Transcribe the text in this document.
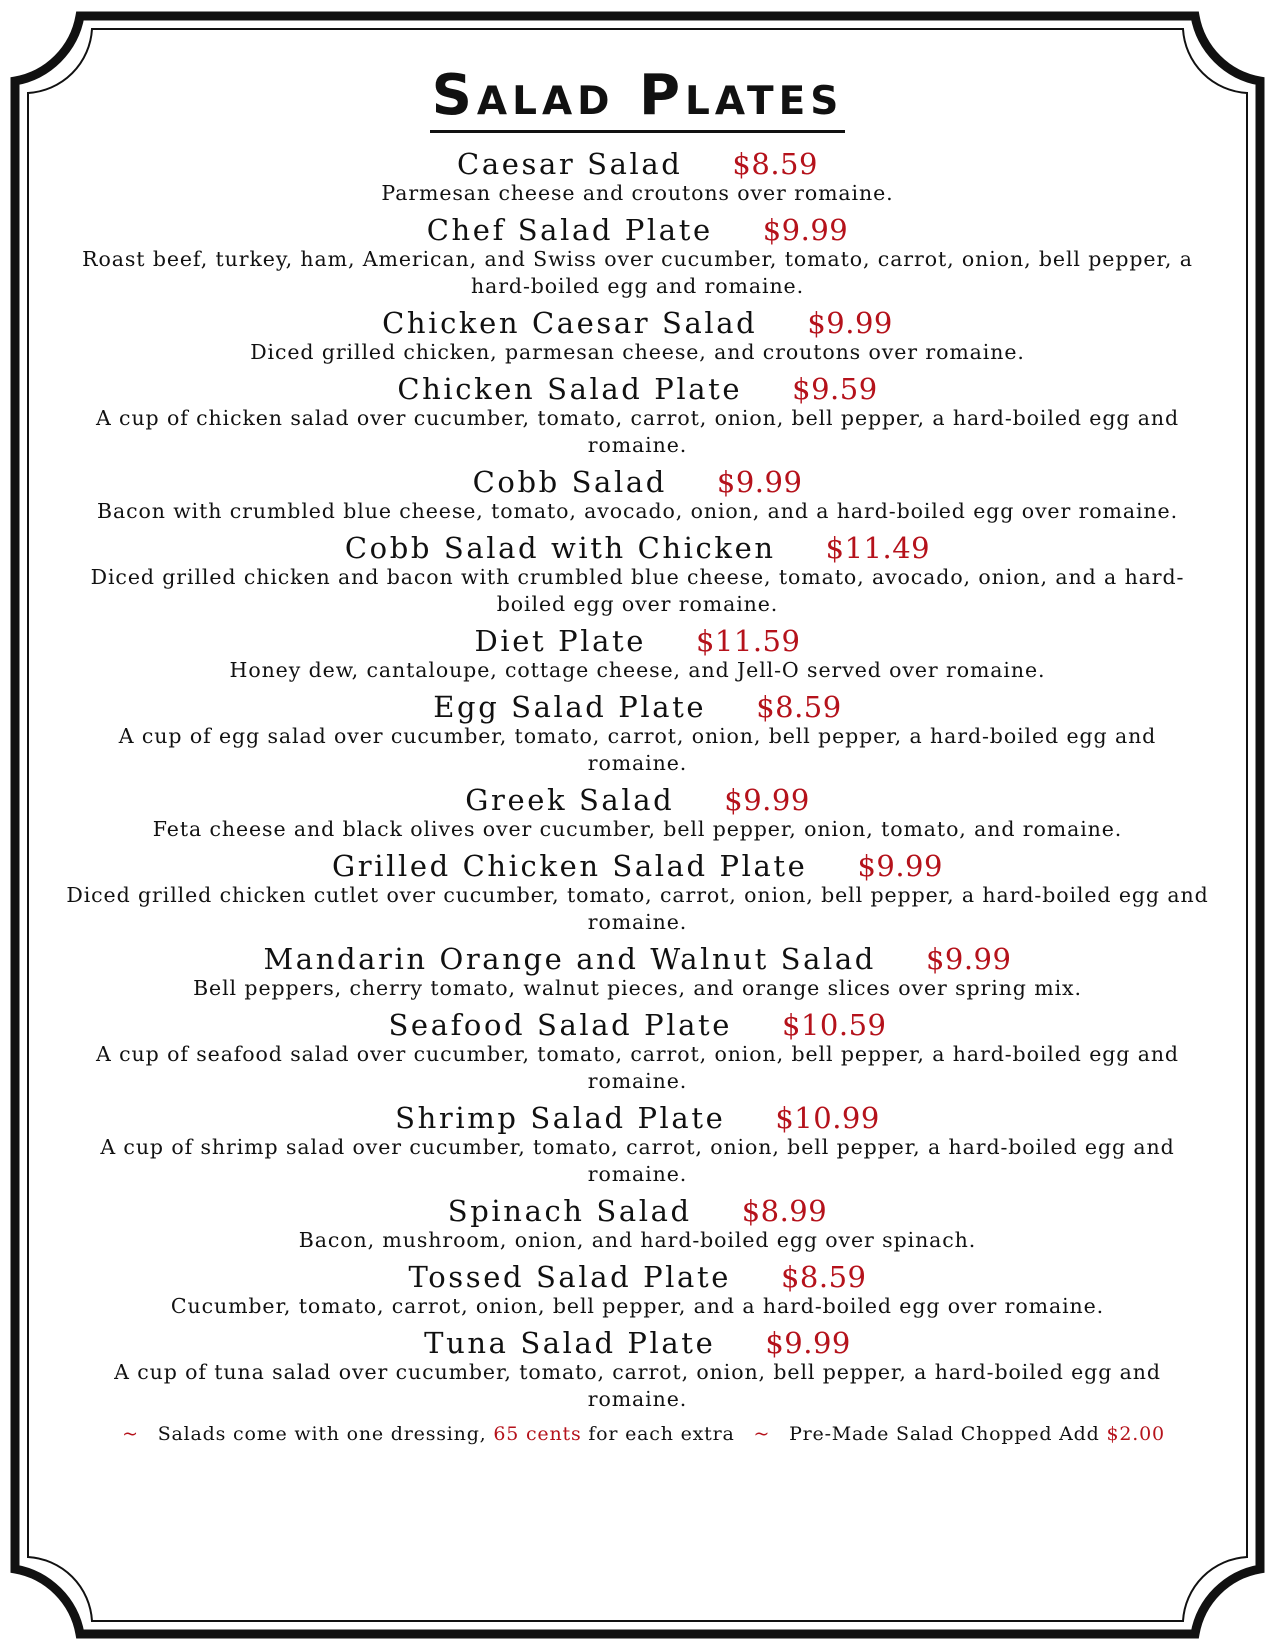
Salad Plates
Caesar Salad $8.59
Parmesan cheese and croutons over romaine.
Chef Salad Plate $9.99
Roast beef, turkey, ham, American, and Swiss over cucumber, tomato, carrot, onion, bell pepper, a hard-boiled egg and romaine.
Chicken Caesar Salad $9.99
Diced grilled chicken, parmesan cheese, and croutons over romaine.
Chicken Salad Plate $9.59
A cup of chicken salad over cucumber, tomato, carrot, onion, bell pepper, a hard-boiled egg and romaine.
Cobb Salad $9.99
Bacon with crumbled blue cheese, tomato, avocado, onion, and a hard-boiled egg over romaine.
Cobb Salad with Chicken $11.49
Diced grilled chicken and bacon with crumbled blue cheese, tomato, avocado, onion, and a hard-boiled egg over romaine.
Diet Plate $11.59
Honey dew, cantaloupe, cottage cheese, and Jell-O served over romaine.
Egg Salad Plate $8.59
A cup of egg salad over cucumber, tomato, carrot, onion, bell pepper, a hard-boiled egg and romaine.
Greek Salad $9.99
Feta cheese and black olives over cucumber, bell pepper, onion, tomato, and romaine.
Grilled Chicken Salad Plate $9.99
Diced grilled chicken cutlet over cucumber, tomato, carrot, onion, bell pepper, a hard-boiled egg and romaine.
Mandarin Orange and Walnut Salad $9.99
Bell peppers, cherry tomato, walnut pieces, and orange slices over spring mix.
Seafood Salad Plate $10.59
A cup of seafood salad over cucumber, tomato, carrot, onion, bell pepper, a hard-boiled egg and romaine.
Shrimp Salad Plate $10.99
A cup of shrimp salad over cucumber, tomato, carrot, onion, bell pepper, a hard-boiled egg and romaine.
Spinach Salad $8.99
Bacon, mushroom, onion, and hard-boiled egg over spinach.
Tossed Salad Plate $8.59
Cucumber, tomato, carrot, onion, bell pepper, and a hard-boiled egg over romaine.
Tuna Salad Plate $9.99
A cup of tuna salad over cucumber, tomato, carrot, onion, bell pepper, a hard-boiled egg and romaine.
~ Salads come with one dressing, 65 cents for each extra ~ Pre-Made Salad Chopped Add $2.00
